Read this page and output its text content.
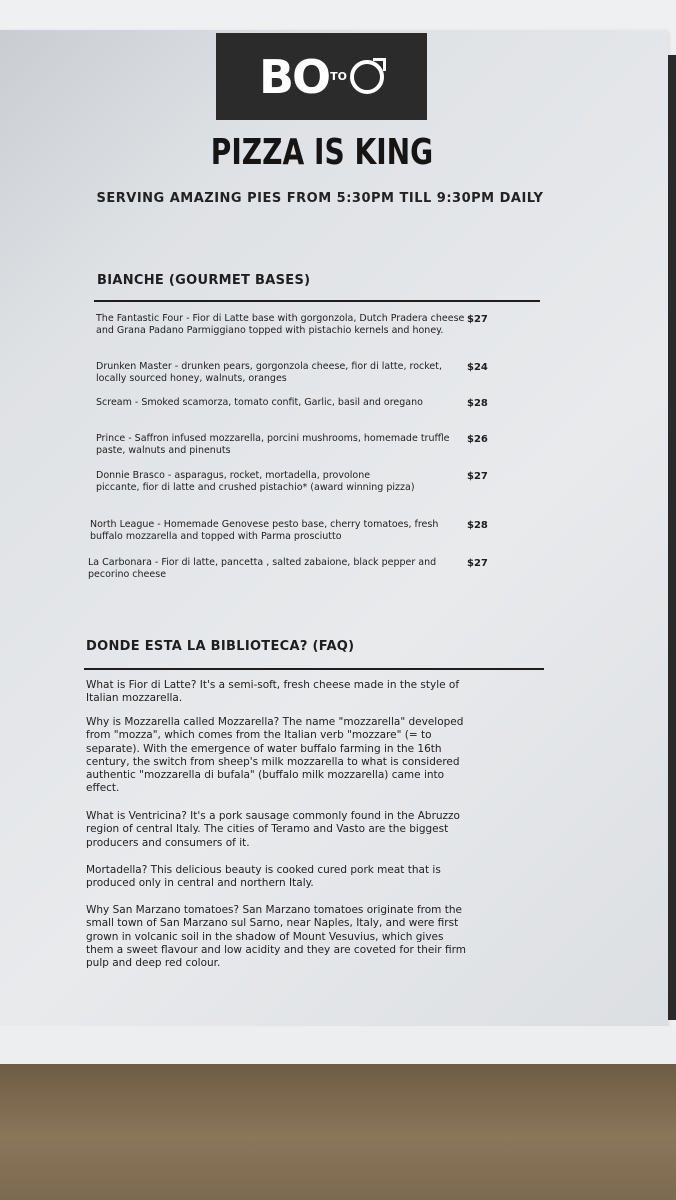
BO TO
PIZZA IS KING
SERVING AMAZING PIES FROM 5:30PM TILL 9:30PM DAILY
BIANCHE (GOURMET BASES)
The Fantastic Four - Fior di Latte base with gorgonzola, Dutch Pradera cheese and Grana Padano Parmiggiano topped with pistachio kernels and honey.
$27
Drunken Master - drunken pears, gorgonzola cheese, fior di latte, rocket, locally sourced honey, walnuts, oranges
$24
Scream - Smoked scamorza, tomato confit, Garlic, basil and oregano	$28
Prince - Saffron infused mozzarella, porcini mushrooms, homemade truffle paste, walnuts and pinenuts
$26
Donnie Brasco - asparagus, rocket, mortadella, provolone piccante, fior di latte and crushed pistachio* (award winning pizza)
$27
North League - Homemade Genovese pesto base, cherry tomatoes, fresh buffalo mozzarella and topped with Parma prosciutto
$28
La Carbonara - Fior di latte, pancetta , salted zabaione, black pepper and pecorino cheese
$27
DONDE ESTA LA BIBLIOTECA? (FAQ)
What is Fior di Latte? It's a semi-soft, fresh cheese made in the style of Italian mozzarella.
Why is Mozzarella called Mozzarella? The name "mozzarella" developed from "mozza", which comes from the Italian verb "mozzare" (= to separate). With the emergence of water buffalo farming in the 16th century, the switch from sheep's milk mozzarella to what is considered authentic "mozzarella di bufala" (buffalo milk mozzarella) came into effect.
What is Ventricina? It's a pork sausage commonly found in the Abruzzo region of central Italy. The cities of Teramo and Vasto are the biggest producers and consumers of it.
Mortadella? This delicious beauty is cooked cured pork meat that is produced only in central and northern Italy.
Why San Marzano tomatoes? San Marzano tomatoes originate from the small town of San Marzano sul Sarno, near Naples, Italy, and were first grown in volcanic soil in the shadow of Mount Vesuvius, which gives them a sweet flavour and low acidity and they are coveted for their firm pulp and deep red colour.
